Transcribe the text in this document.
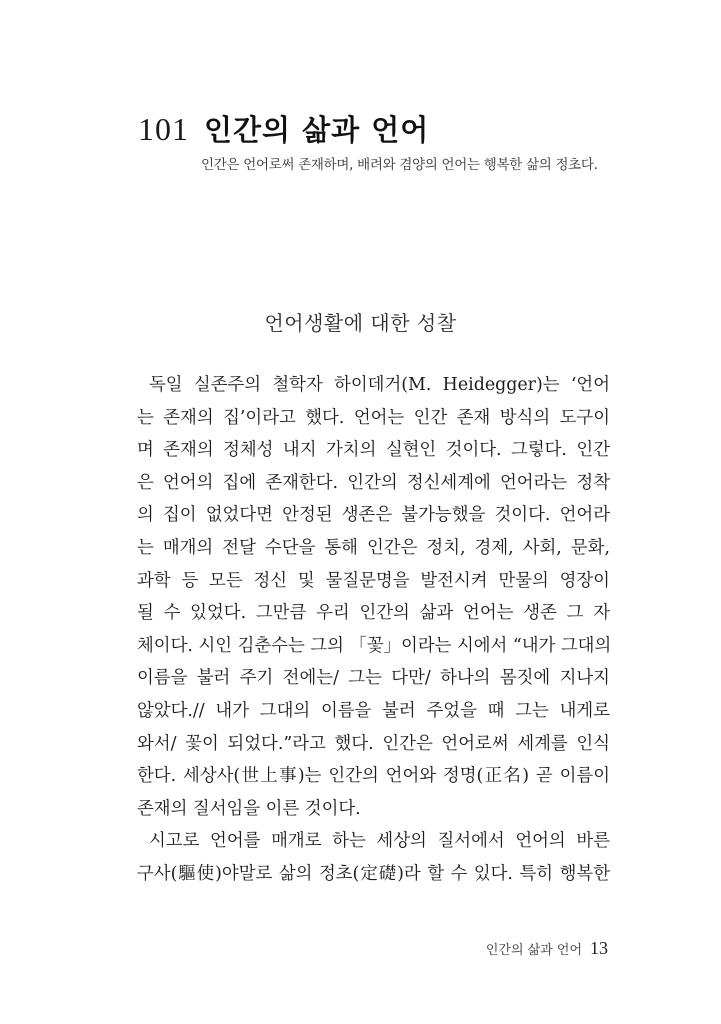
101 인간의 삶과 언어
인간은 언어로써 존재하며, 배려와 겸양의 언어는 행복한 삶의 정초다.
언어생활에 대한 성찰
독일 실존주의 철학자 하이데거(M. Heidegger)는 ‘언어
는 존재의 집’이라고 했다. 언어는 인간 존재 방식의 도구이
며 존재의 정체성 내지 가치의 실현인 것이다. 그렇다. 인간
은 언어의 집에 존재한다. 인간의 정신세계에 언어라는 정착
의 집이 없었다면 안정된 생존은 불가능했을 것이다. 언어라
는 매개의 전달 수단을 통해 인간은 정치, 경제, 사회, 문화,
과학 등 모든 정신 및 물질문명을 발전시켜 만물의 영장이
될 수 있었다. 그만큼 우리 인간의 삶과 언어는 생존 그 자
체이다. 시인 김춘수는 그의 「꽃」이라는 시에서 “내가 그대의
이름을 불러 주기 전에는/ 그는 다만/ 하나의 몸짓에 지나지
않았다.// 내가 그대의 이름을 불러 주었을 때 그는 내게로
와서/ 꽃이 되었다.”라고 했다. 인간은 언어로써 세계를 인식
한다. 세상사(世上事)는 인간의 언어와 정명(正名) 곧 이름이
존재의 질서임을 이른 것이다.
시고로 언어를 매개로 하는 세상의 질서에서 언어의 바른
구사(驅使)야말로 삶의 정초(定礎)라 할 수 있다. 특히 행복한
인간의 삶과 언어 13
